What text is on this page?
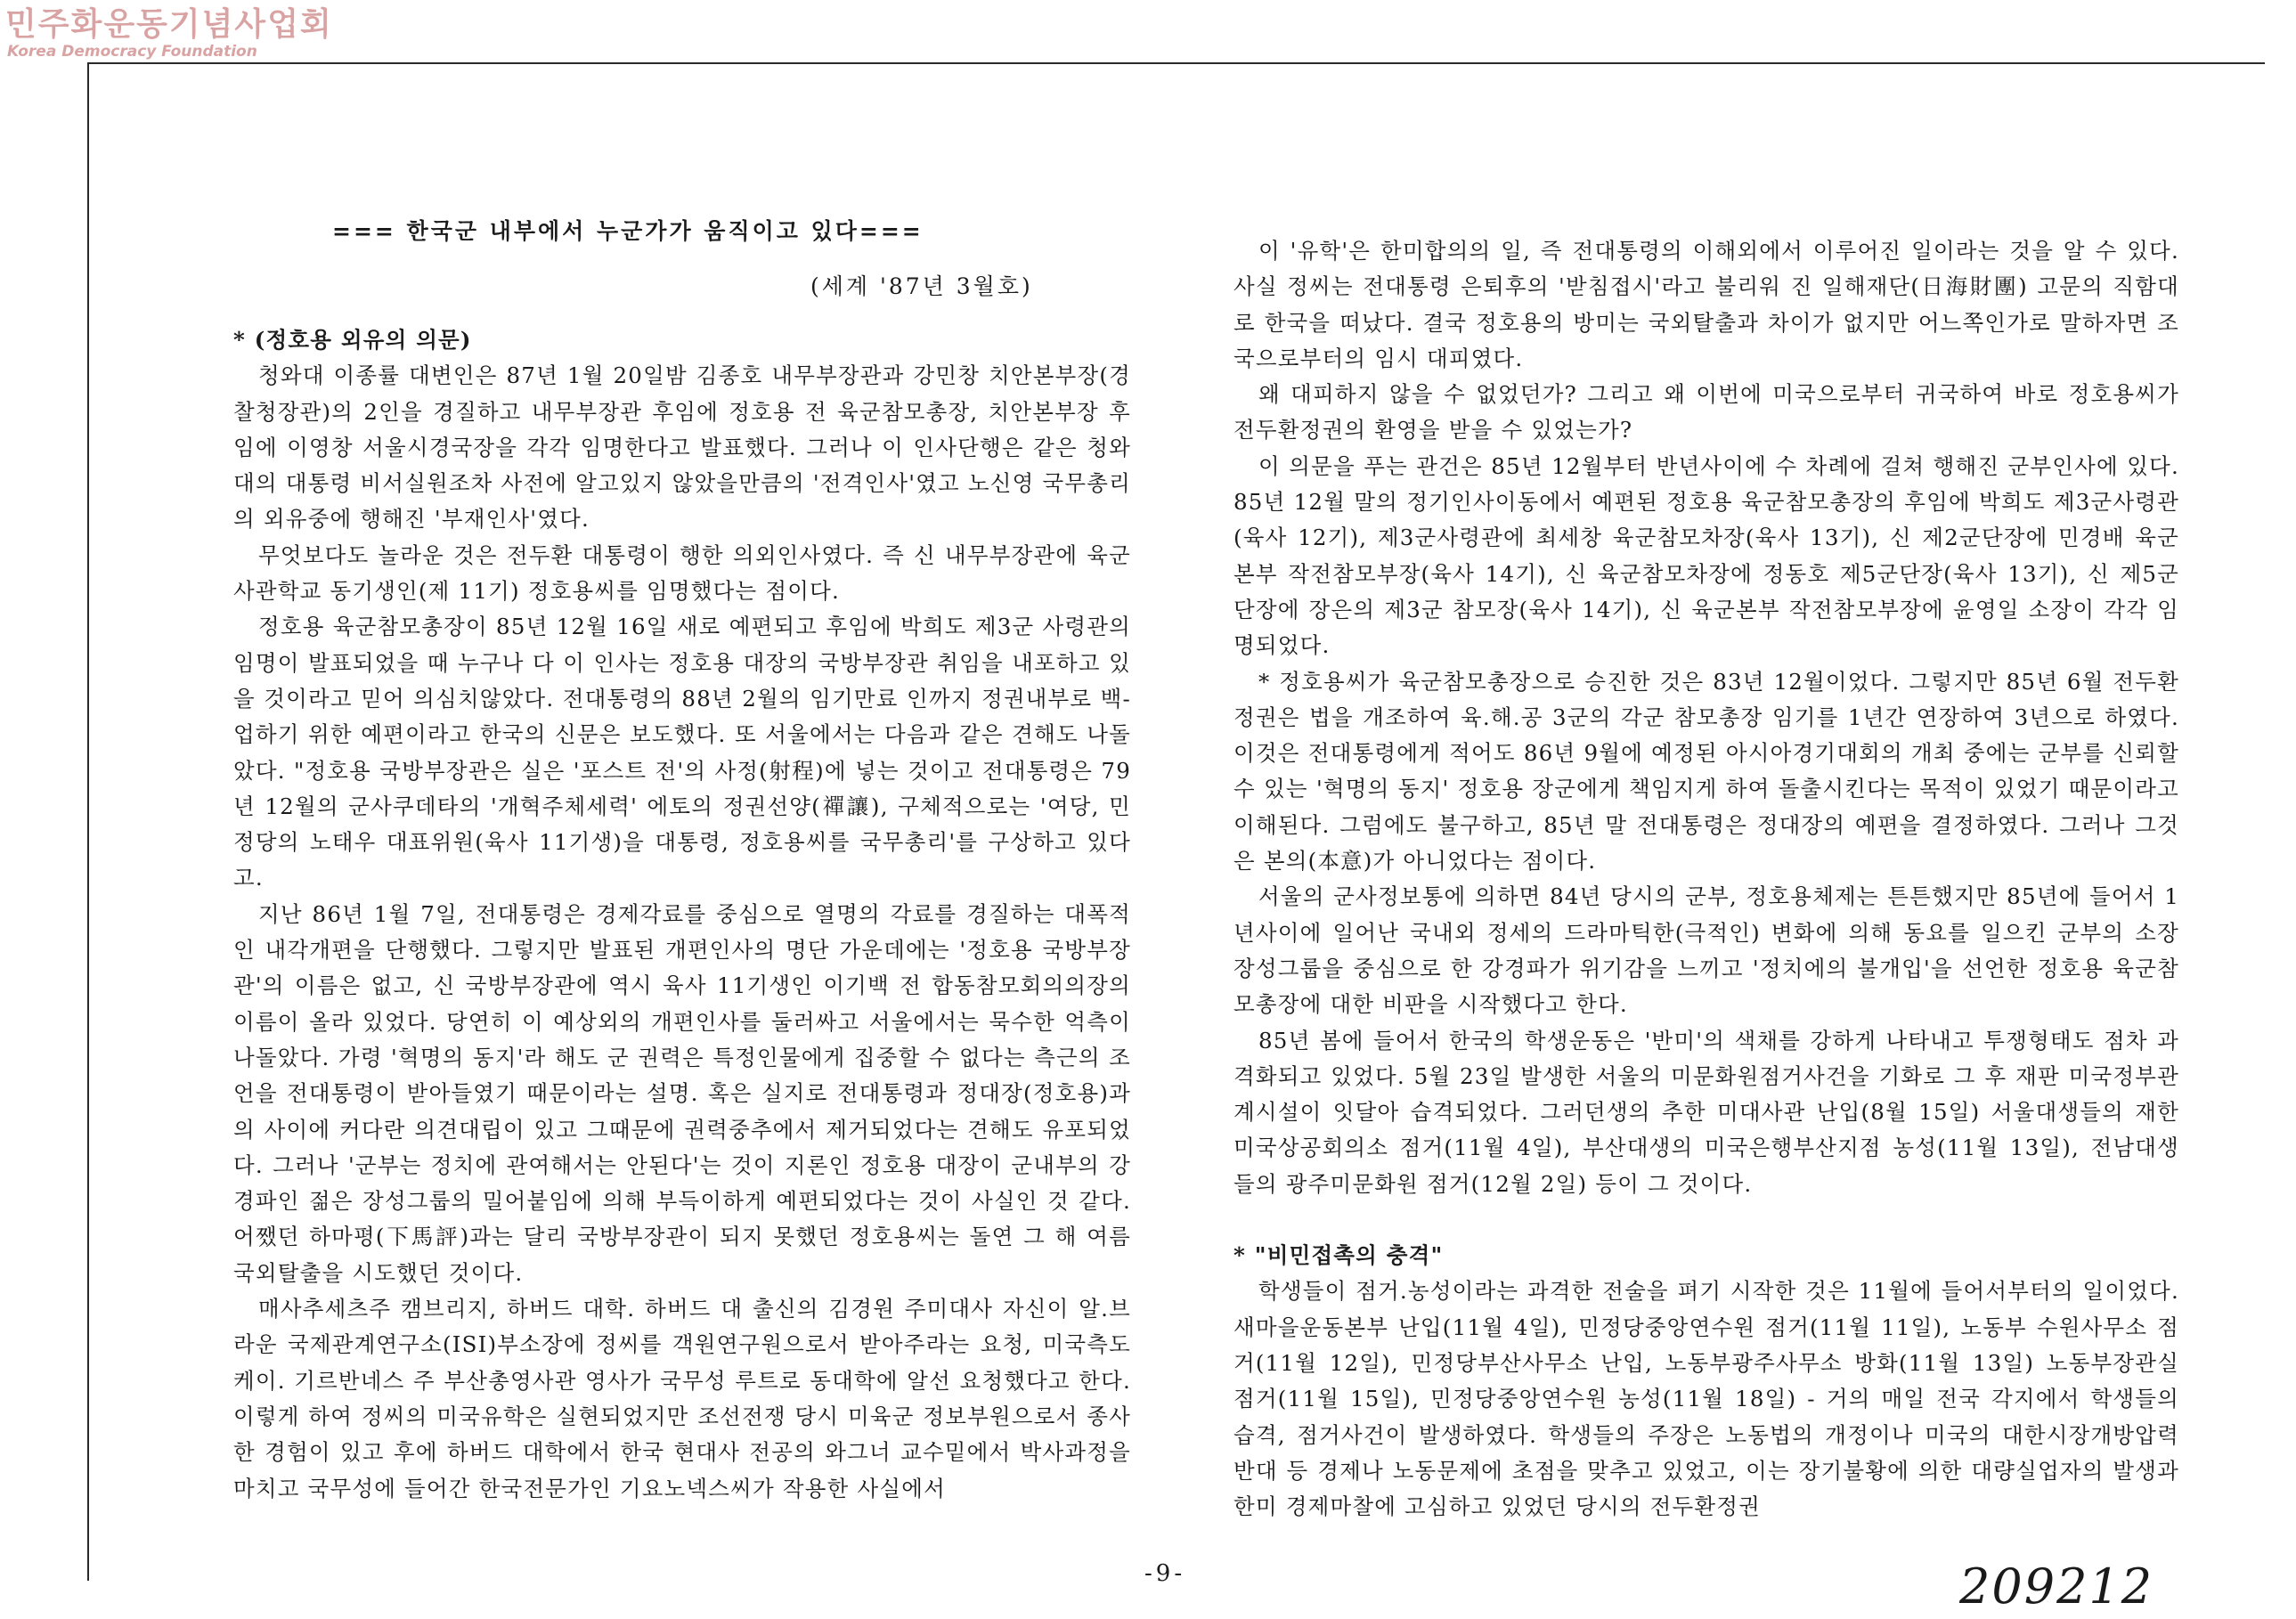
민주화운동기념사업회
Korea Democracy Foundation
=== 한국군 내부에서 누군가가 움직이고 있다===
(세계 '87년 3월호)

* (정호용 외유의 의문)

청와대 이종률 대변인은 87년 1월 20일밤 김종호 내무부장관과 강민창 치안본부장(경찰청장관)의 2인을 경질하고 내무부장관 후임에 정호용 전 육군참모총장, 치안본부장 후임에 이영창 서울시경국장을 각각 임명한다고 발표했다. 그러나 이 인사단행은 같은 청와대의 대통령 비서실원조차 사전에 알고있지 않았을만큼의 '전격인사'였고 노신영 국무총리의 외유중에 행해진 '부재인사'였다.

무엇보다도 놀라운 것은 전두환 대통령이 행한 의외인사였다. 즉 신 내무부장관에 육군사관학교 동기생인(제 11기) 정호용씨를 임명했다는 점이다.

정호용 육군참모총장이 85년 12월 16일 새로 예편되고 후임에 박희도 제3군 사령관의 임명이 발표되었을 때 누구나 다 이 인사는 정호용 대장의 국방부장관 취임을 내포하고 있을 것이라고 믿어 의심치않았다. 전대통령의 88년 2월의 임기만료 인까지 정권내부로 백-업하기 위한 예편이라고 한국의 신문은 보도했다. 또 서울에서는 다음과 같은 견해도 나돌았다. "정호용 국방부장관은 실은 '포스트 전'의 사정(射程)에 넣는 것이고 전대통령은 79년 12월의 군사쿠데타의 '개혁주체세력' 에토의 정권선양(禪讓), 구체적으로는 '여당, 민정당의 노태우 대표위원(육사 11기생)을 대통령, 정호용씨를 국무총리'를 구상하고 있다고.

지난 86년 1월 7일, 전대통령은 경제각료를 중심으로 열명의 각료를 경질하는 대폭적인 내각개편을 단행했다. 그렇지만 발표된 개편인사의 명단 가운데에는 '정호용 국방부장관'의 이름은 없고, 신 국방부장관에 역시 육사 11기생인 이기백 전 합동참모회의의장의 이름이 올라 있었다. 당연히 이 예상외의 개편인사를 둘러싸고 서울에서는 묵수한 억측이 나돌았다. 가령 '혁명의 동지'라 해도 군 권력은 특정인물에게 집중할 수 없다는 측근의 조언을 전대통령이 받아들였기 때문이라는 설명. 혹은 실지로 전대통령과 정대장(정호용)과의 사이에 커다란 의견대립이 있고 그때문에 권력중추에서 제거되었다는 견해도 유포되었다. 그러나 '군부는 정치에 관여해서는 안된다'는 것이 지론인 정호용 대장이 군내부의 강경파인 젊은 장성그룹의 밀어붙임에 의해 부득이하게 예편되었다는 것이 사실인 것 같다. 어쨌던 하마평(下馬評)과는 달리 국방부장관이 되지 못했던 정호용씨는 돌연 그 해 여름 국외탈출을 시도했던 것이다.

매사추세츠주 캠브리지, 하버드 대학. 하버드 대 출신의 김경원 주미대사 자신이 알.브라운 국제관계연구소(ISI)부소장에 정씨를 객원연구원으로서 받아주라는 요청, 미국측도 케이. 기르반네스 주 부산총영사관 영사가 국무성 루트로 동대학에 알선 요청했다고 한다. 이렇게 하여 정씨의 미국유학은 실현되었지만 조선전쟁 당시 미육군 정보부원으로서 종사한 경험이 있고 후에 하버드 대학에서 한국 현대사 전공의 와그너 교수밑에서 박사과정을 마치고 국무성에 들어간 한국전문가인 기요노넥스씨가 작용한 사실에서

이 '유학'은 한미합의의 일, 즉 전대통령의 이해외에서 이루어진 일이라는 것을 알 수 있다. 사실 정씨는 전대통령 은퇴후의 '받침접시'라고 불리워 진 일해재단(日海財團) 고문의 직함대로 한국을 떠났다. 결국 정호용의 방미는 국외탈출과 차이가 없지만 어느쪽인가로 말하자면 조국으로부터의 임시 대피였다.

왜 대피하지 않을 수 없었던가? 그리고 왜 이번에 미국으로부터 귀국하여 바로 정호용씨가 전두환정권의 환영을 받을 수 있었는가?

이 의문을 푸는 관건은 85년 12월부터 반년사이에 수 차례에 걸쳐 행해진 군부인사에 있다. 85년 12월 말의 정기인사이동에서 예편된 정호용 육군참모총장의 후임에 박희도 제3군사령관(육사 12기), 제3군사령관에 최세창 육군참모차장(육사 13기), 신 제2군단장에 민경배 육군본부 작전참모부장(육사 14기), 신 육군참모차장에 정동호 제5군단장(육사 13기), 신 제5군단장에 장은의 제3군 참모장(육사 14기), 신 육군본부 작전참모부장에 윤영일 소장이 각각 임명되었다.

* 정호용씨가 육군참모총장으로 승진한 것은 83년 12월이었다. 그렇지만 85년 6월 전두환 정권은 법을 개조하여 육.해.공 3군의 각군 참모총장 임기를 1년간 연장하여 3년으로 하였다. 이것은 전대통령에게 적어도 86년 9월에 예정된 아시아경기대회의 개최 중에는 군부를 신뢰할 수 있는 '혁명의 동지' 정호용 장군에게 책임지게 하여 돌출시킨다는 목적이 있었기 때문이라고 이해된다. 그럼에도 불구하고, 85년 말 전대통령은 정대장의 예편을 결정하였다. 그러나 그것은 본의(本意)가 아니었다는 점이다.

서울의 군사정보통에 의하면 84년 당시의 군부, 정호용체제는 튼튼했지만 85년에 들어서 1년사이에 일어난 국내외 정세의 드라마틱한(극적인) 변화에 의해 동요를 일으킨 군부의 소장 장성그룹을 중심으로 한 강경파가 위기감을 느끼고 '정치에의 불개입'을 선언한 정호용 육군참모총장에 대한 비판을 시작했다고 한다.

85년 봄에 들어서 한국의 학생운동은 '반미'의 색채를 강하게 나타내고 투쟁형태도 점차 과격화되고 있었다. 5월 23일 발생한 서울의 미문화원점거사건을 기화로 그 후 재판 미국정부관계시설이 잇달아 습격되었다. 그러던생의 추한 미대사관 난입(8월 15일) 서울대생들의 재한 미국상공회의소 점거(11월 4일), 부산대생의 미국은행부산지점 농성(11월 13일), 전남대생들의 광주미문화원 점거(12월 2일) 등이 그 것이다.

* "비민접촉의 충격"

학생들이 점거.농성이라는 과격한 전술을 펴기 시작한 것은 11월에 들어서부터의 일이었다. 새마을운동본부 난입(11월 4일), 민정당중앙연수원 점거(11월 11일), 노동부 수원사무소 점거(11월 12일), 민정당부산사무소 난입, 노동부광주사무소 방화(11월 13일) 노동부장관실 점거(11월 15일), 민정당중앙연수원 농성(11월 18일) - 거의 매일 전국 각지에서 학생들의 습격, 점거사건이 발생하였다. 학생들의 주장은 노동법의 개정이나 미국의 대한시장개방압력 반대 등 경제나 노동문제에 초점을 맞추고 있었고, 이는 장기불황에 의한 대량실업자의 발생과 한미 경제마찰에 고심하고 있었던 당시의 전두환정권

-9-	209212
